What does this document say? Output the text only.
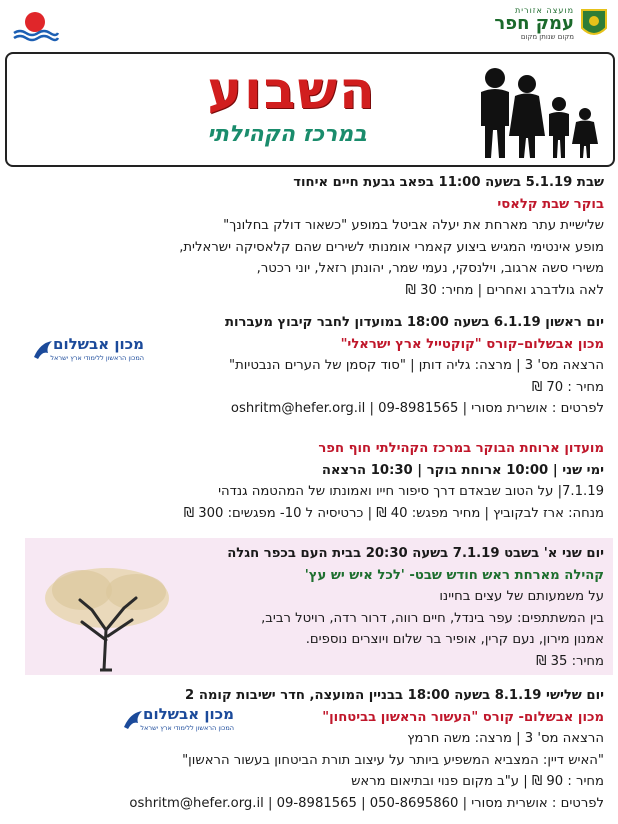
מועצה אזורית
עמק חפר
מקום שנותן מקום
השבוע
במרכז הקהילתי
שבת 5.1.19 בשעה 11:00 בפאב גבעת חיים איחוד
בוקר שבת קלאסי
שלישיית עתר מארחת את יעלה אביטל במופע "כשאור דולק בחלונך"
מופע אינטימי המגיש ביצוע קאמרי אומנותי לשירים שהם קלאסיקה ישראלית,
משירי סשה ארגוב, וילנסקי, נעמי שמר, יהונתן רזאל, יוני רכטר,
לאה גולדברג ואחרים | מחיר: 30 ₪
יום ראשון 6.1.19 בשעה 18:00 במועדון לחבר קיבוץ מעברות
מכון אבשלום–קורס "קוקטייל ארץ ישראלי"
הרצאה מס' 3 | מרצה: גליה דותן | "סוד קסמן של הערים הנבטיות"
מחיר : 70 ₪
לפרטים : אושרית מסורי | 09-8981565 | oshritm@hefer.org.il
מכון אבשלום
המכון הראשון ללימודי ארץ ישראל
מועדון ארוחת הבוקר במרכז הקהילתי חוף חפר
ימי שני | 10:00 ארוחת בוקר | 10:30 הרצאה
7.1.19| על הטוב שבאדם דרך סיפור חייו ואמונתו של המהטמה גנדהי
מנחה: ארז לבקוביץ | מחיר מפגש: 40 ₪ | כרטיסיה ל 10- מפגשים: 300 ₪
יום שני א' בשבט 7.1.19 בשעה 20:30 בבית העם בכפר חגלה
קהילה מארחת ראש חודש שבט- 'לכל איש יש עץ'
על משמעותם של עצים בחיינו
בין המשתתפים: עפר בינדל, חיים רווה, דרור רדה, רויטל רביב,
אמנון מירון, נעם קרין, אופיר בר שלום ויוצרים נוספים.
מחיר: 35 ₪
יום שלישי 8.1.19 בשעה 18:00 בבניין המועצה, חדר ישיבות קומה 2
מכון אבשלום- קורס "העשור הראשון בביטחון"
הרצאה מס' 3 | מרצה: משה חרמץ
"האיש דיין: המצביא המשפיע ביותר על עיצוב תורת הביטחון בעשור הראשון"
מחיר : 90 ₪ | ע"ב מקום פנוי ובתיאום מראש
לפרטים : אושרית מסורי | 050-8695860 | 09-8981565 | oshritm@hefer.org.il
מכון אבשלום
המכון הראשון ללימודי ארץ ישראל
